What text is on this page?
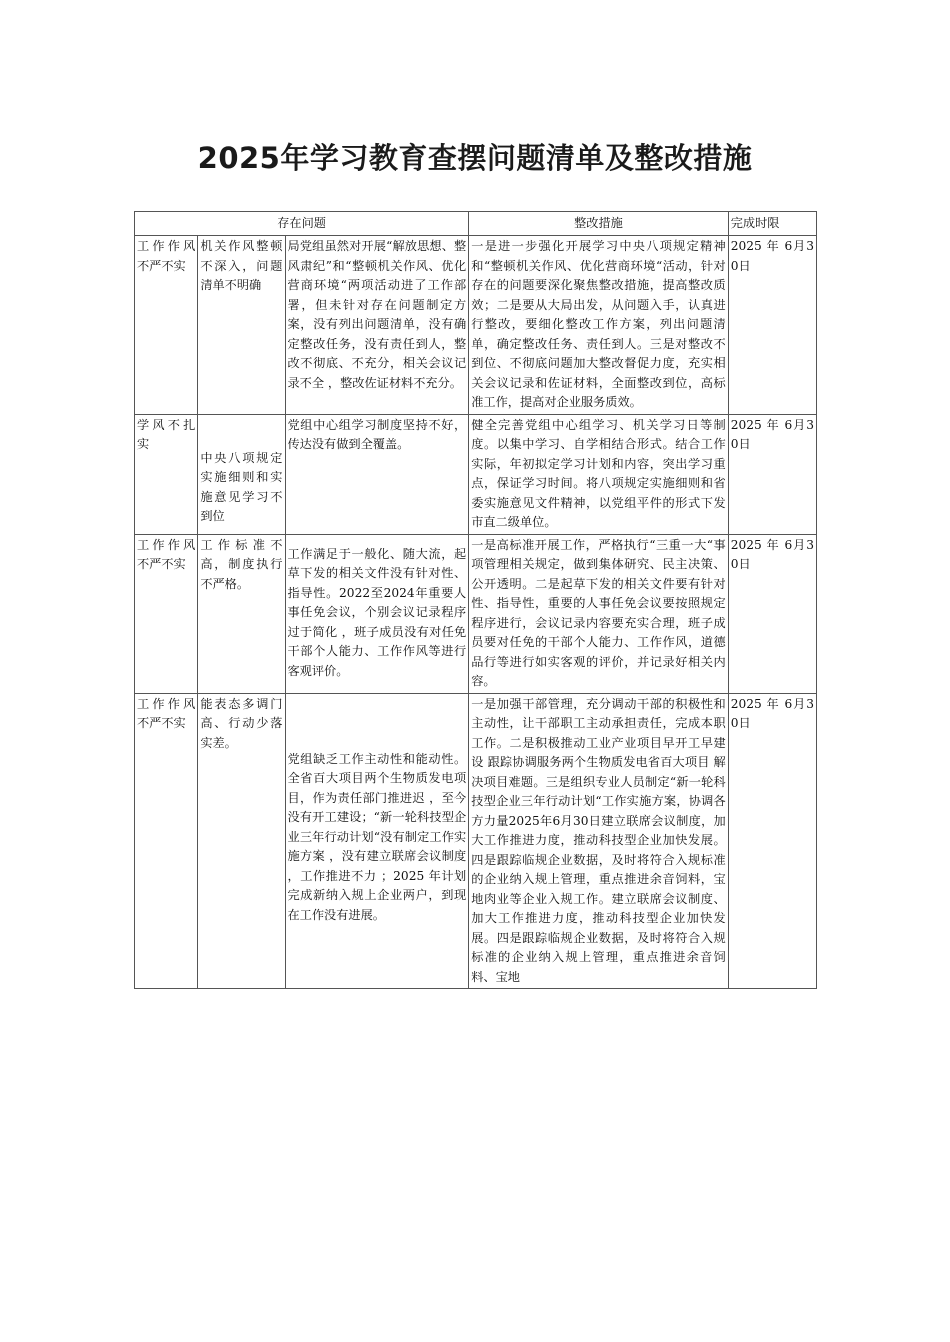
2025年学习教育查摆问题清单及整改措施
存在问题			整改措施	完成时限
工作作风不严不实	机关作风整顿不深入，问题清单不明确	局党组虽然对开展“解放思想、整风肃纪”和“整顿机关作风、优化营商环境“两项活动进了工作部署，但未针对存在问题制定方案，没有列出问题清单，没有确定整改任务，没有责任到人，整改不彻底、不充分，相关会议记录不全 ，整改佐证材料不充分。	一是进一步强化开展学习中央八项规定精神和“整顿机关作风、优化营商环境“活动，针对存在的问题要深化聚焦整改措施，提高整改质效；二是要从大局出发，从问题入手，认真进行整改，要细化整改工作方案，列出问题清单，确定整改任务、责任到人。三是对整改不到位、不彻底问题加大整改督促力度，充实相关会议记录和佐证材料，全面整改到位，高标准工作，提高对企业服务质效。	2025 年 6月30日
学风不扎实	中央八项规定实施细则和实施意见学习不到位	党组中心组学习制度坚持不好，传达没有做到全覆盖。	健全完善党组中心组学习、机关学习日等制度。以集中学习、自学相结合形式。结合工作实际，年初拟定学习计划和内容，突出学习重点，保证学习时间。将八项规定实施细则和省委实施意见文件精神，以党组平件的形式下发市直二级单位。	2025 年 6月30日
工作作风不严不实	工作标准不高，制度执行不严格。	工作满足于一般化、随大流，起草下发的相关文件没有针对性、指导性。2022至2024年重要人事任免会议，个别会议记录程序过于简化 ，班子成员没有对任免干部个人能力、工作作风等进行客观评价。	一是高标准开展工作，严格执行“三重一大“事项管理相关规定，做到集体研究、民主决策、公开透明。二是起草下发的相关文件要有针对性、指导性，重要的人事任免会议要按照规定程序进行，会议记录内容要充实合理，班子成员要对任免的干部个人能力、工作作风，道德品行等进行如实客观的评价，并记录好相关内容。	2025 年 6月30日
工作作风不严不实	能表态多调门高、行动少落实差。	党组缺乏工作主动性和能动性。全省百大项目两个生物质发电项目，作为责任部门推进迟 ，至今没有开工建设；“新一轮科技型企业三年行动计划“没有制定工作实施方案 ，没有建立联席会议制度 ，工作推进不力 ；2025 年计划完成新纳入规上企业两户，到现在工作没有进展。	一是加强干部管理，充分调动干部的积极性和主动性，让干部职工主动承担责任，完成本职工作。二是积极推动工业产业项目早开工早建设 跟踪协调服务两个生物质发电省百大项目 解决项目难题。三是组织专业人员制定“新一轮科技型企业三年行动计划“工作实施方案，协调各方力量2025年6月30日建立联席会议制度，加大工作推进力度，推动科技型企业加快发展。四是跟踪临规企业数据，及时将符合入规标准的企业纳入规上管理，重点推进余音饲料，宝地肉业等企业入规工作。建立联席会议制度、加大工作推进力度，推动科技型企业加快发展。四是跟踪临规企业数据，及时将符合入规标准的企业纳入规上管理，重点推进余音饲料、宝地	2025 年 6月30日
